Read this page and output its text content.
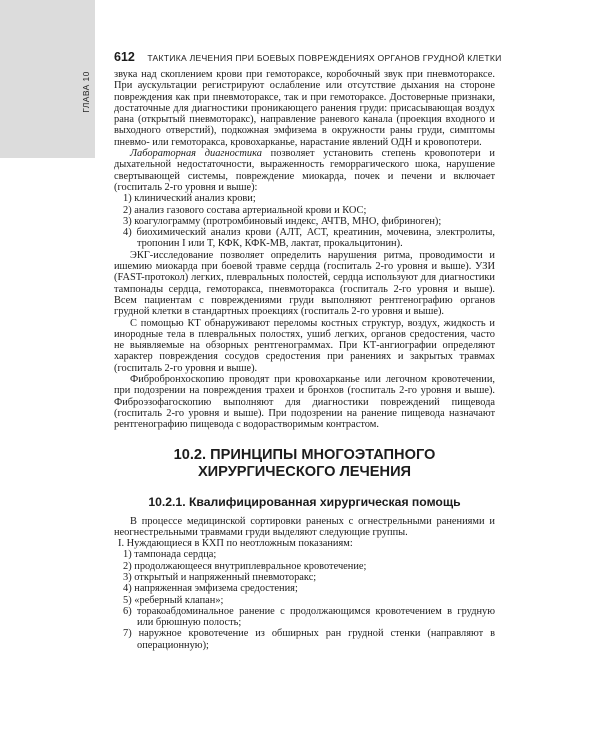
ГЛАВА 10
612 ТАКТИКА ЛЕЧЕНИЯ ПРИ БОЕВЫХ ПОВРЕЖДЕНИЯХ ОРГАНОВ ГРУДНОЙ КЛЕТКИ

звука над скоплением крови при гемотораксе, коробочный звук при пневмотораксе. При аускультации регистрируют ослабление или отсутствие дыхания на стороне повреждения как при пневмотораксе, так и при гемотораксе. Достоверные признаки, достаточные для диагностики проникающего ранения груди: присасывающая воздух рана (открытый пневмоторакс), направление раневого канала (проекция входного и выходного отверстий), подкожная эмфизема в окружности раны груди, симптомы пневмо- или гемоторакса, кровохарканье, нарастание явлений ОДН и кровопотери.

Лабораторная диагностика позволяет установить степень кровопотери и дыхательной недостаточности, выраженность геморрагического шока, нарушение свертывающей системы, повреждение миокарда, почек и печени и включает (госпиталь 2-го уровня и выше):

1) клинический анализ крови;

2) анализ газового состава артериальной крови и КОС;

3) коагулограмму (протромбиновый индекс, АЧТВ, МНО, фибриноген);

4) биохимический анализ крови (АЛТ, АСТ, креатинин, мочевина, электролиты, тропонин I или T, КФК, КФК-МВ, лактат, прокальцитонин).

ЭКГ-исследование позволяет определить нарушения ритма, проводимости и ишемию миокарда при боевой травме сердца (госпиталь 2-го уровня и выше). УЗИ (FAST-протокол) легких, плевральных полостей, сердца используют для диагностики тампонады сердца, гемоторакса, пневмоторакса (госпиталь 2-го уровня и выше). Всем пациентам с повреждениями груди выполняют рентгенографию органов грудной клетки в стандартных проекциях (госпиталь 2-го уровня и выше).

С помощью КТ обнаруживают переломы костных структур, воздух, жидкость и инородные тела в плевральных полостях, ушиб легких, органов средостения, часто не выявляемые на обзорных рентгенограммах. При КТ-ангиографии определяют характер повреждения сосудов средостения при ранениях и закрытых травмах (госпиталь 2-го уровня и выше).

Фибробронхоскопию проводят при кровохарканье или легочном кровотечении, при подозрении на повреждения трахеи и бронхов (госпиталь 2-го уровня и выше). Фиброэзофагоскопию выполняют для диагностики повреждений пищевода (госпиталь 2-го уровня и выше). При подозрении на ранение пищевода назначают рентгенографию пищевода с водорастворимым контрастом.

10.2. ПРИНЦИПЫ МНОГОЭТАПНОГО
ХИРУРГИЧЕСКОГО ЛЕЧЕНИЯ
10.2.1. Квалифицированная хирургическая помощь

В процессе медицинской сортировки раненых с огнестрельными ранениями и неогнестрельными травмами груди выделяют следующие группы.

I. Нуждающиеся в КХП по неотложным показаниям:

1) тампонада сердца;

2) продолжающееся внутриплевральное кровотечение;

3) открытый и напряженный пневмоторакс;

4) напряженная эмфизема средостения;

5) «реберный клапан»;

6) торакоабдоминальное ранение с продолжающимся кровотечением в грудную или брюшную полость;

7) наружное кровотечение из обширных ран грудной стенки (направляют в операционную);
